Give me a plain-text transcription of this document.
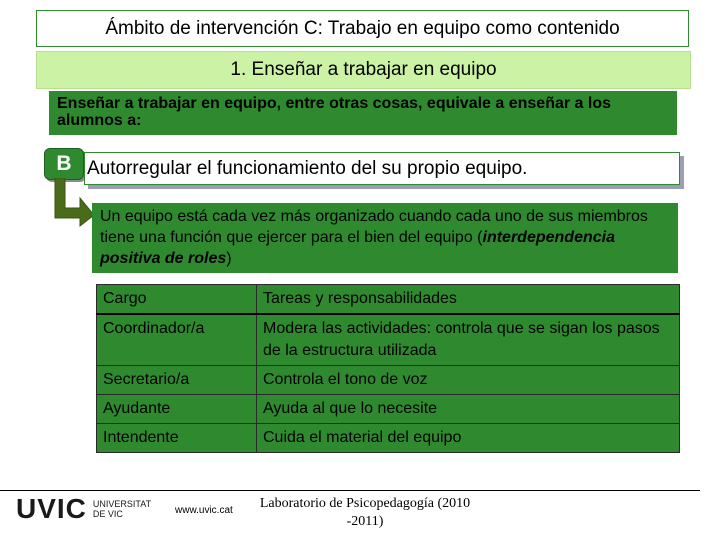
Ámbito de intervención C: Trabajo en equipo como contenido
1. Enseñar a trabajar en equipo
Enseñar a trabajar en equipo, entre otras cosas, equivale a enseñar a los alumnos a:
B Autorregular el funcionamiento del su propio equipo.
Un equipo está cada vez más organizado cuando cada uno de sus miembros tiene una función que ejercer para el bien del equipo (interdependencia positiva de roles)
Cargo	Tareas y responsabilidades
Coordinador/a	Modera las actividades: controla que se sigan los pasos de la estructura utilizada
Secretario/a	Controla el tono de voz
Ayudante	Ayuda al que lo necesite
Intendente	Cuida el material del equipo
UVIC UNIVERSITAT
DE VIC	www.uvic.cat	Laboratorio de Psicopedagogía (2010
-2011)
